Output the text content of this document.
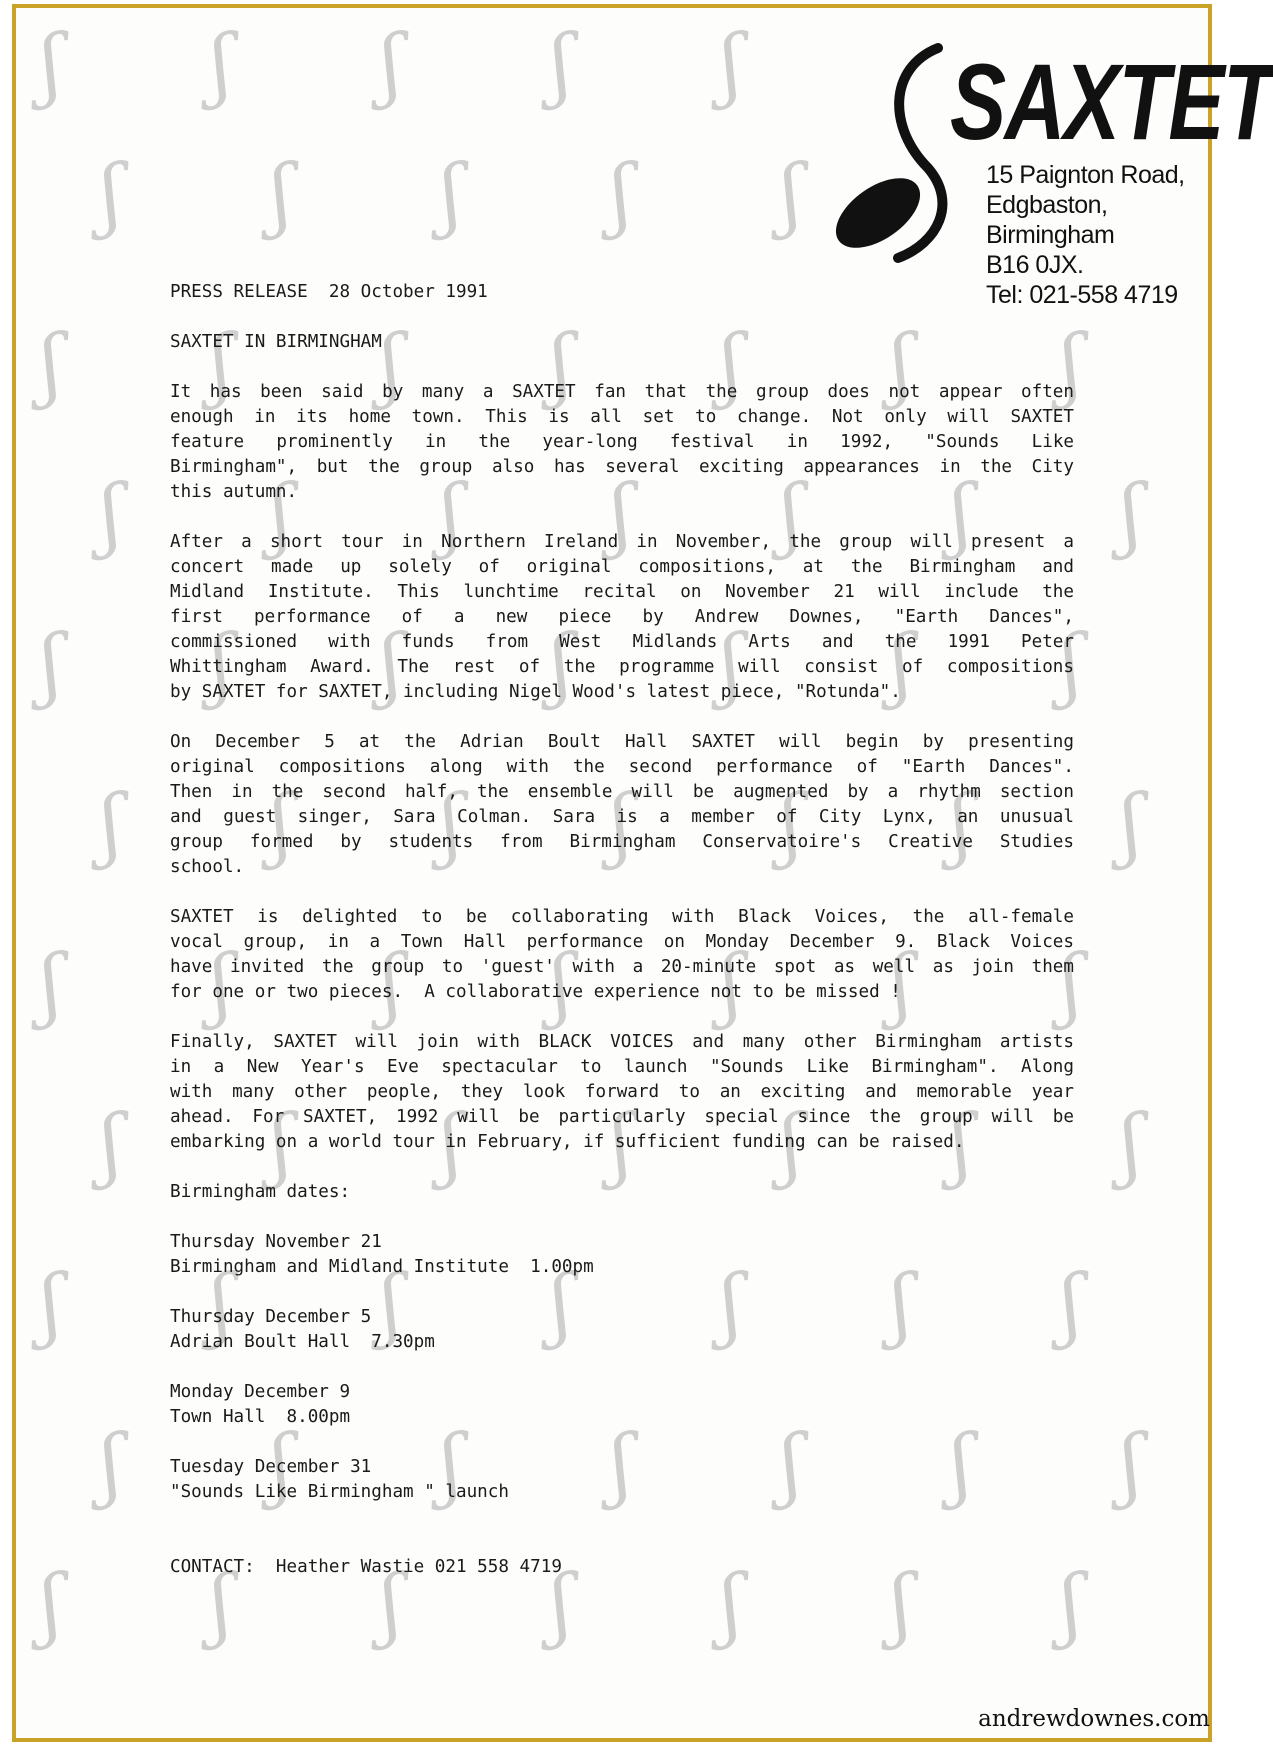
ʃ ʃ ʃ ʃ ʃ
ʃ ʃ ʃ ʃ ʃ
ʃ ʃ ʃ ʃ ʃ ʃ ʃ
ʃ ʃ ʃ ʃ ʃ ʃ ʃ
ʃ ʃ ʃ ʃ ʃ ʃ ʃ
ʃ ʃ ʃ ʃ ʃ ʃ ʃ
ʃ ʃ ʃ ʃ ʃ ʃ ʃ
ʃ ʃ ʃ ʃ ʃ ʃ ʃ
ʃ ʃ ʃ ʃ ʃ ʃ ʃ
ʃ ʃ ʃ ʃ ʃ ʃ ʃ
ʃ ʃ ʃ ʃ ʃ ʃ ʃ
SAXTET
15 Paignton Road,
Edgbaston,
Birmingham
B16 0JX.
Tel: 021-558 4719
PRESS RELEASE  28 October 1991
SAXTET IN BIRMINGHAM
It has been said by many a SAXTET fan that the group does not appear often
enough in its home town. This is all set to change. Not only will SAXTET
feature prominently in the year-long festival in 1992, "Sounds Like
Birmingham", but the group also has several exciting appearances in the City
this autumn.
After a short tour in Northern Ireland in November, the group will present a
concert made up solely of original compositions, at the Birmingham and
Midland Institute. This lunchtime recital on November 21 will include the
first performance of a new piece by Andrew Downes, "Earth Dances",
commissioned with funds from West Midlands Arts and the 1991 Peter
Whittingham Award. The rest of the programme will consist of compositions
by SAXTET for SAXTET, including Nigel Wood's latest piece, "Rotunda".
On December 5 at the Adrian Boult Hall SAXTET will begin by presenting
original compositions along with the second performance of "Earth Dances".
Then in the second half, the ensemble will be augmented by a rhythm section
and guest singer, Sara Colman. Sara is a member of City Lynx, an unusual
group formed by students from Birmingham Conservatoire's Creative Studies
school.
SAXTET is delighted to be collaborating with Black Voices, the all-female
vocal group, in a Town Hall performance on Monday December 9. Black Voices
have invited the group to 'guest' with a 20-minute spot as well as join them
for one or two pieces.  A collaborative experience not to be missed !
Finally, SAXTET will join with BLACK VOICES and many other Birmingham artists
in a New Year's Eve spectacular to launch "Sounds Like Birmingham". Along
with many other people, they look forward to an exciting and memorable year
ahead. For SAXTET, 1992 will be particularly special since the group will be
embarking on a world tour in February, if sufficient funding can be raised.
Birmingham dates:
Thursday November 21
Birmingham and Midland Institute  1.00pm
Thursday December 5
Adrian Boult Hall  7.30pm
Monday December 9
Town Hall  8.00pm
Tuesday December 31
"Sounds Like Birmingham " launch
CONTACT:  Heather Wastie 021 558 4719
andrewdownes.com
